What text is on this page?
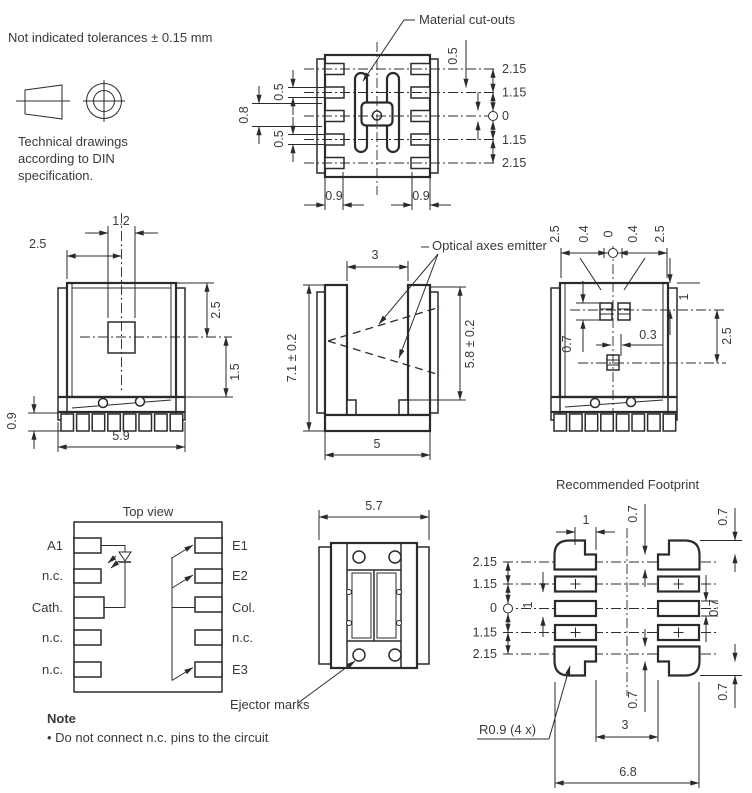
Not indicated tolerances ± 0.15 mm
Technical drawings
according to DIN
specification.
2.15
1.15
0
1.15
2.15
0.5
0.5
0.8
0.5
0.9	0.9
Material cut-outs
1.2
2.5
2.5
1.5
0.9
5.9
3
7.1 ± 0.2	5.8 ± 0.2
5
Optical axes emitter
2.5 0.4 0 0.4 2.5
1
2.5
0.7
0.3
Top view
A1
n.c.
Cath.
n.c.
n.c.
E1
E2
Col.
n.c.
E3
Note
• Do not connect n.c. pins to the circuit
5.7
Ejector marks
Recommended Footprint
2.15
1.15
0
1.15
2.15
1
1	0.7	0.7
0.7
0.7
0.7
3
6.8
R0.9 (4 x)
